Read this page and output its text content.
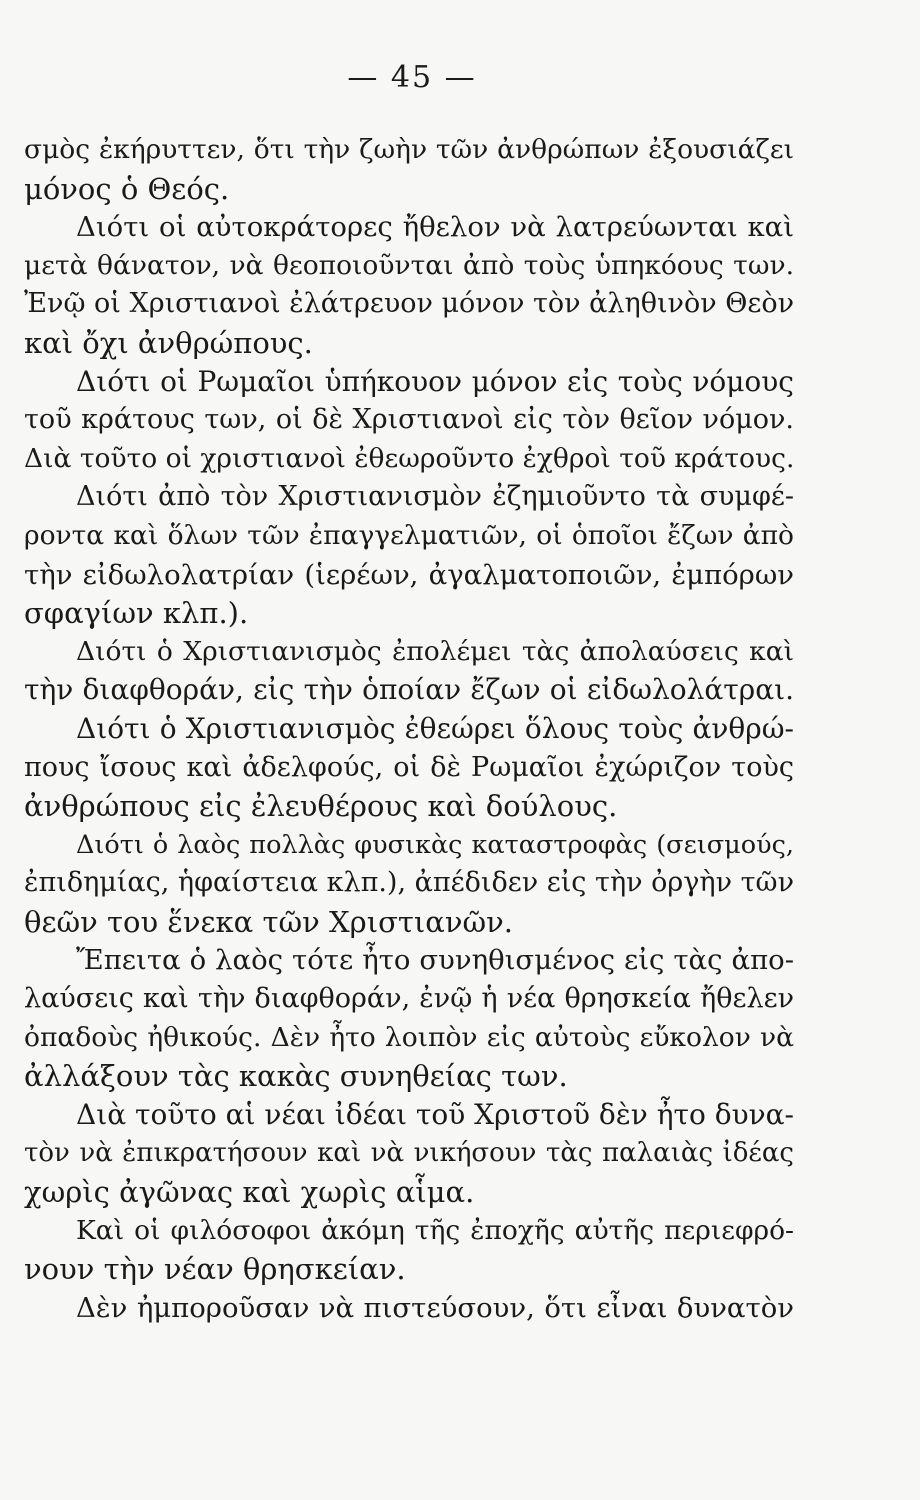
— 45 —
σμὸς ἐκήρυττεν, ὅτι τὴν ζωὴν τῶν ἀνθρώπων ἐξουσιάζει
μόνος ὁ Θεός.
Διότι οἱ αὐτοκράτορες ἤθελον νὰ λατρεύωνται καὶ
μετὰ θάνατον, νὰ θεοποιοῦνται ἀπὸ τοὺς ὑπηκόους των.
Ἐνῷ οἱ Χριστιανοὶ ἐλάτρευον μόνον τὸν ἀληθινὸν Θεὸν
καὶ ὄχι ἀνθρώπους.
Διότι οἱ Ρωμαῖοι ὑπήκουον μόνον εἰς τοὺς νόμους
τοῦ κράτους των, οἱ δὲ Χριστιανοὶ εἰς τὸν θεῖον νόμον.
Διὰ τοῦτο οἱ χριστιανοὶ ἐθεωροῦντο ἐχθροὶ τοῦ κράτους.
Διότι ἀπὸ τὸν Χριστιανισμὸν ἐζημιοῦντο τὰ συμφέ-
ροντα καὶ ὅλων τῶν ἐπαγγελματιῶν, οἱ ὁποῖοι ἔζων ἀπὸ
τὴν εἰδωλολατρίαν (ἱερέων, ἀγαλματοποιῶν, ἐμπόρων
σφαγίων κλπ.).
Διότι ὁ Χριστιανισμὸς ἐπολέμει τὰς ἀπολαύσεις καὶ
τὴν διαφθοράν, εἰς τὴν ὁποίαν ἔζων οἱ εἰδωλολάτραι.
Διότι ὁ Χριστιανισμὸς ἐθεώρει ὅλους τοὺς ἀνθρώ-
πους ἴσους καὶ ἀδελφούς, οἱ δὲ Ρωμαῖοι ἐχώριζον τοὺς
ἀνθρώπους εἰς ἐλευθέρους καὶ δούλους.
Διότι ὁ λαὸς πολλὰς φυσικὰς καταστροφὰς (σεισμούς,
ἐπιδημίας, ἡφαίστεια κλπ.), ἀπέδιδεν εἰς τὴν ὀργὴν τῶν
θεῶν του ἕνεκα τῶν Χριστιανῶν.
Ἔπειτα ὁ λαὸς τότε ἦτο συνηθισμένος εἰς τὰς ἀπο-
λαύσεις καὶ τὴν διαφθοράν, ἐνῷ ἡ νέα θρησκεία ἤθελεν
ὀπαδοὺς ἠθικούς. Δὲν ἦτο λοιπὸν εἰς αὐτοὺς εὔκολον νὰ
ἀλλάξουν τὰς κακὰς συνηθείας των.
Διὰ τοῦτο αἱ νέαι ἰδέαι τοῦ Χριστοῦ δὲν ἦτο δυνα-
τὸν νὰ ἐπικρατήσουν καὶ νὰ νικήσουν τὰς παλαιὰς ἰδέας
χωρὶς ἀγῶνας καὶ χωρὶς αἷμα.
Καὶ οἱ φιλόσοφοι ἀκόμη τῆς ἐποχῆς αὐτῆς περιεφρό-
νουν τὴν νέαν θρησκείαν.
Δὲν ἠμποροῦσαν νὰ πιστεύσουν, ὅτι εἶναι δυνατὸν
